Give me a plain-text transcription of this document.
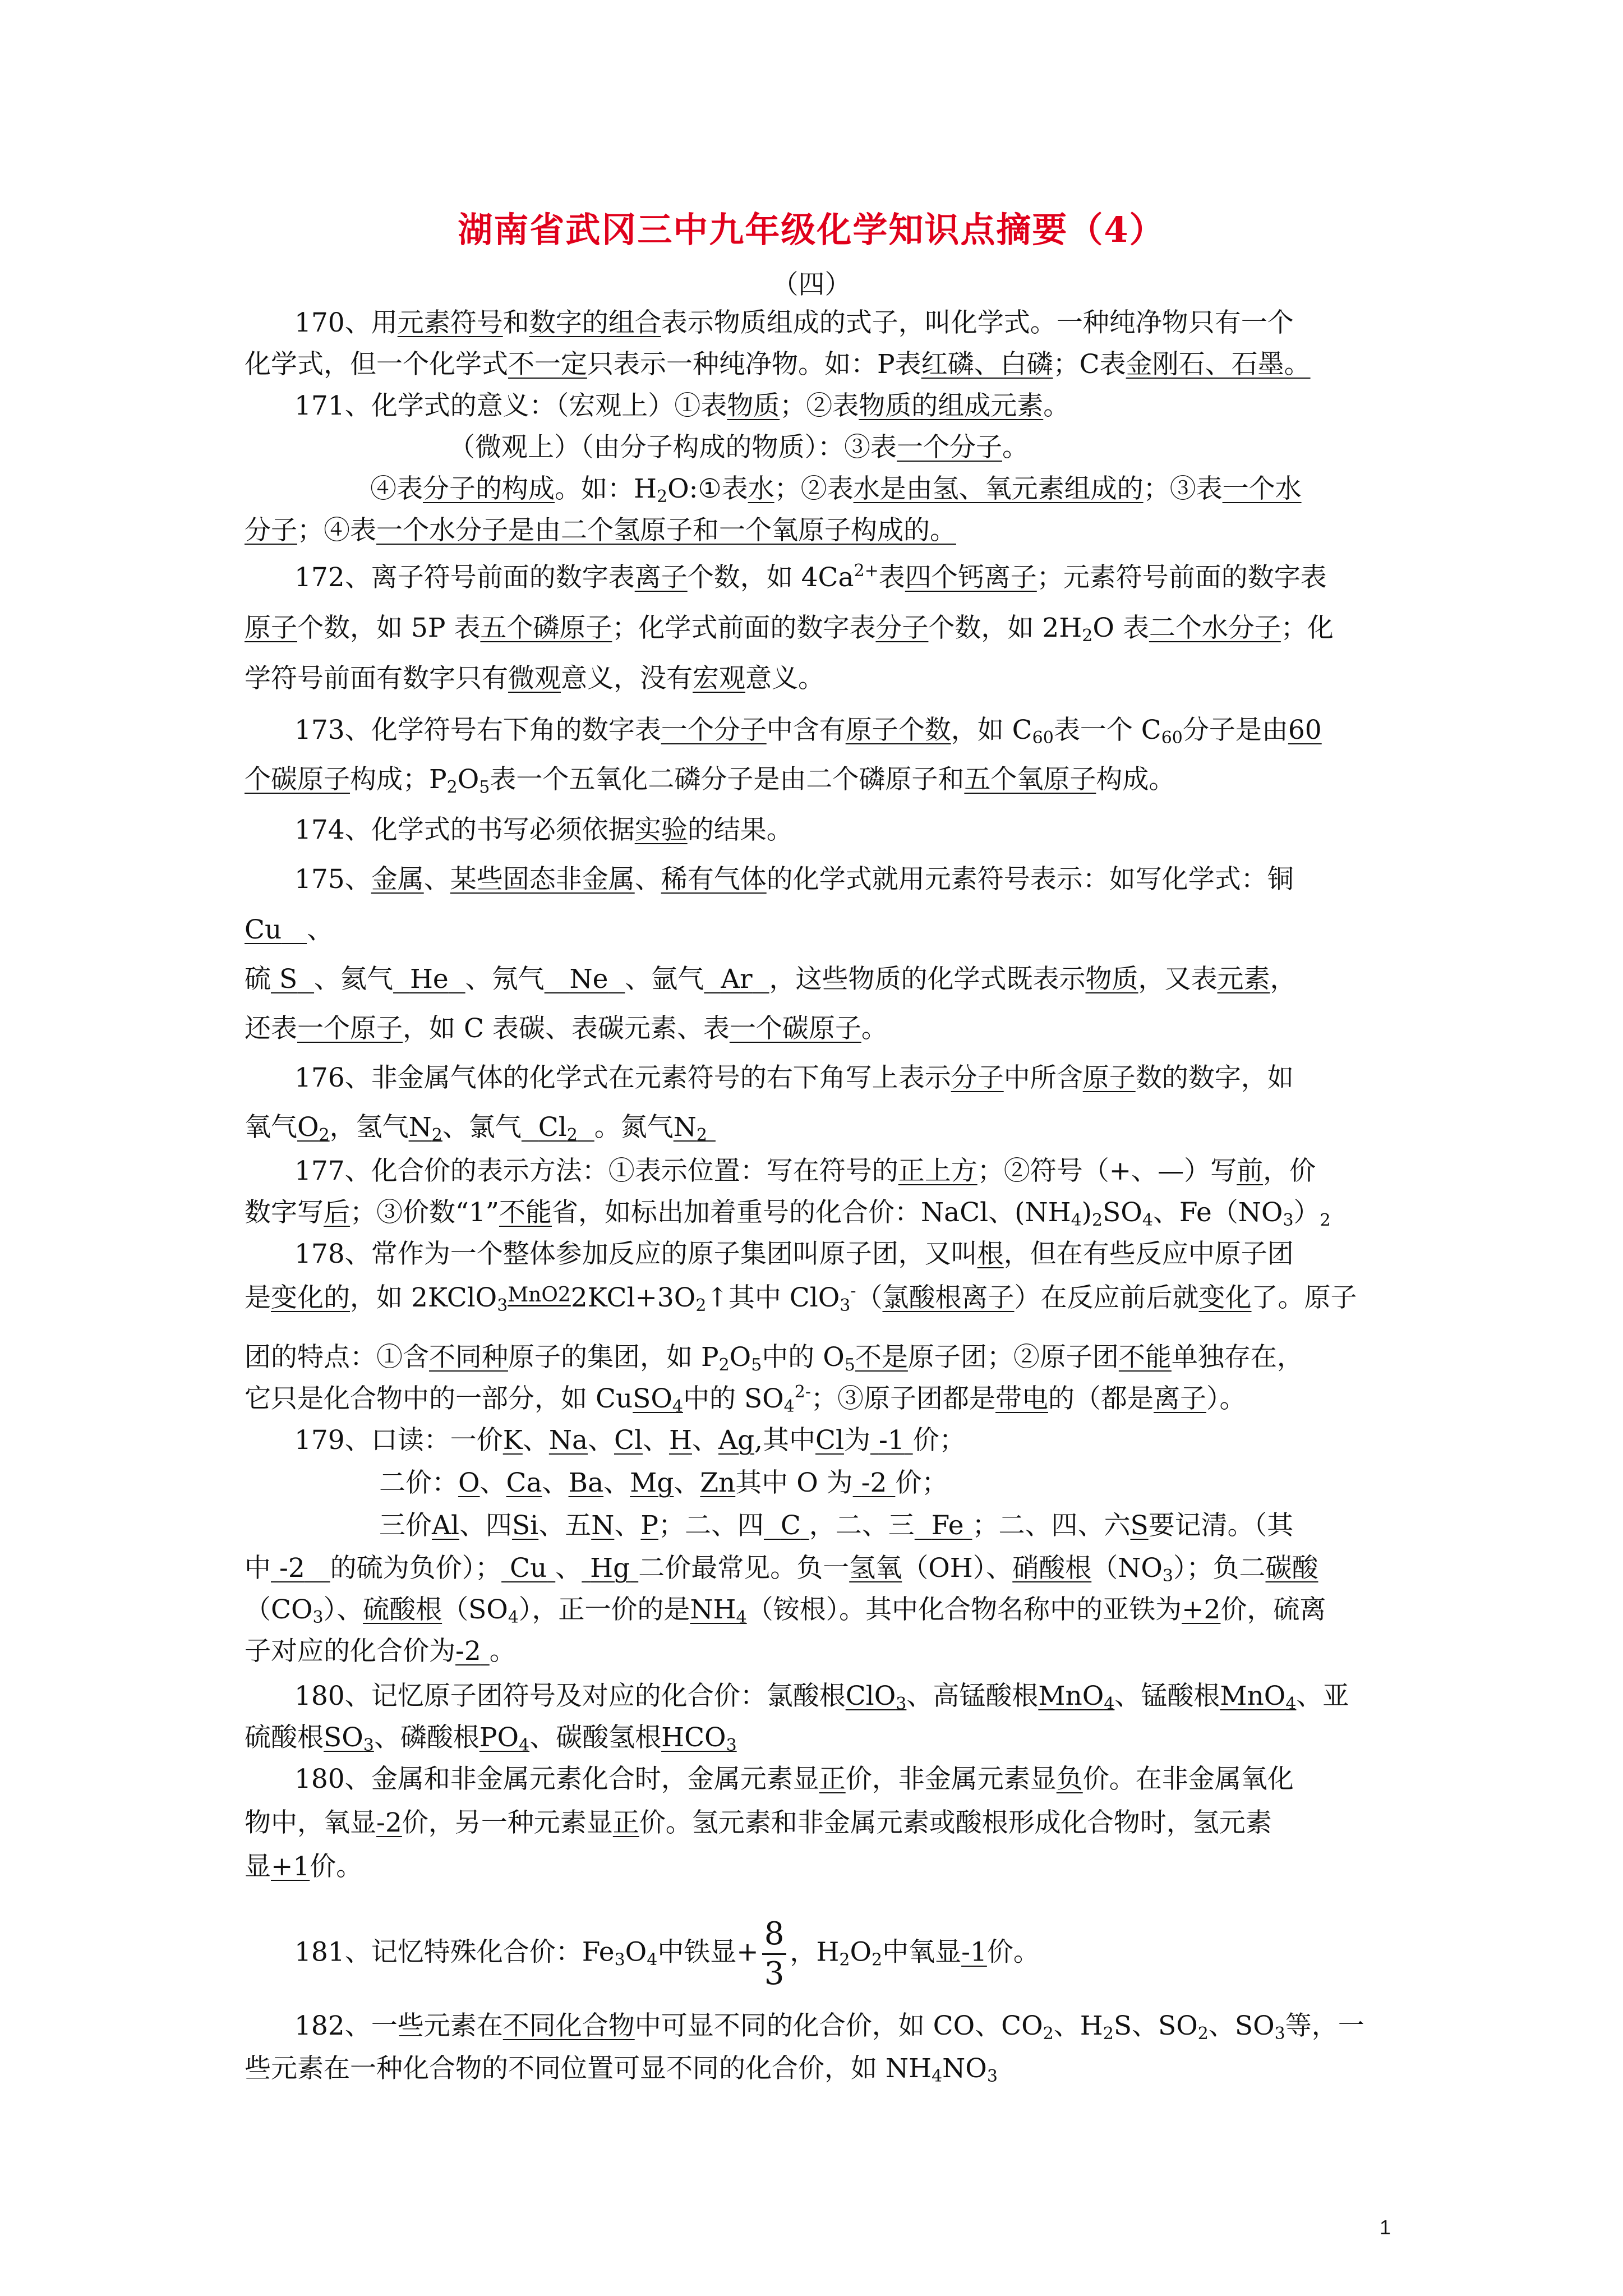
湖南省武冈三中九年级化学知识点摘要（4）
（四）
170、用元素符号和数字的组合表示物质组成的式子，叫化学式。一种纯净物只有一个
化学式，但一个化学式不一定只表示一种纯净物。如：P表红磷、白磷；C表金刚石、石墨。
171、化学式的意义：（宏观上）①表物质；②表物质的组成元素。
（微观上）（由分子构成的物质）：③表一个分子。
④表分子的构成。如：$H_2O:①$表水；②表水是由氢、氧元素组成的；③表一个水
分子；④表一个水分子是由二个氢原子和一个氧原子构成的。
172、离子符号前面的数字表离子个数，如 $4Ca^{2+}$表四个钙离子；元素符号前面的数字表
原子个数，如 5P 表五个磷原子；化学式前面的数字表分子个数，如 $2H_2O$ 表二个水分子；化
学符号前面有数字只有微观意义，没有宏观意义。
173、化学符号右下角的数字表一个分子中含有原子个数，如 $C_{60}$表一个 $C_{60}$分子是由60
个碳原子构成；$P_2O_5$表一个五氧化二磷分子是由二个磷原子和五个氧原子构成。
174、化学式的书写必须依据实验的结果。
175、金属、某些固态非金属、稀有气体的化学式就用元素符号表示：如写化学式：铜
Cu 、
硫 S 、氦气 He 、氖气 Ne 、氩气 Ar ，这些物质的化学式既表示物质，又表元素，
还表一个原子，如 C 表碳、表碳元素、表一个碳原子。
176、非金属气体的化学式在元素符号的右下角写上表示分子中所含原子数的数字，如
氧气$O_2$，氢气$N_2$、氯气 $Cl_2$ 。氮气$N_2$
177、化合价的表示方法：①表示位置：写在符号的正上方；②符号（+、—）写前，价
数字写后；③价数“1”不能省，如标出加着重号的化合价：NaCl、$(NH_4)_2SO_4$、$Fe(NO_3)_2$
178、常作为一个整体参加反应的原子集团叫原子团，又叫根，但在有些反应中原子团
是变化的，如 2KClO$_3$ MnO2 $2KCl+3O_2↑$其中 ClO$_3$-（氯酸根离子）在反应前后就变化了。原子
团的特点：①含不同种原子的集团，如 $P_2O_5$中的 $O_5$不是原子团；②原子团不能单独存在，
它只是化合物中的一部分，如 CuSO$_4$中的 $SO_4^{2-}$；③原子团都是带电的（都是离子）。
179、口读：一价K、Na、Cl、H、Ag,其中Cl为 -1 价；
二价：O、Ca、Ba、Mg、Zn其中 O 为 -2 价；
三价Al、四Si、五N、P；二、四 C ，二、三 Fe ；二、四、六S要记清。（其
中 -2 的硫为负价）； Cu 、 Hg 二价最常见。负一氢氧（OH）、硝酸根$(NO_3)$；负二碳酸
$(CO_3)$、硫酸根$(SO_4)$，正一价的是$NH_4$（铵根）。其中化合物名称中的亚铁为+2价，硫离
子对应的化合价为-2 。
180、记忆原子团符号及对应的化合价：氯酸根ClO$_3$、高锰酸根MnO$_4$、锰酸根MnO$_4$、亚
硫酸根$SO_3$、磷酸根$PO_4$、碳酸氢根$HCO_3$
180、金属和非金属元素化合时，金属元素显正价，非金属元素显负价。在非金属氧化
物中，氧显-2价，另一种元素显正价。氢元素和非金属元素或酸根形成化合物时，氢元素
显+1价。
181、记忆特殊化合价：$Fe_3O_4$中铁显+ $\frac{8}{3}$ ，$H_2O_2$中氧显-1价。
182、一些元素在不同化合物中可显不同的化合价，如 CO、$CO_2$、$H_2S$、$SO_2$、$SO_3$等，一
些元素在一种化合物的不同位置可显不同的化合价，如 $NH_4NO_3$
1
